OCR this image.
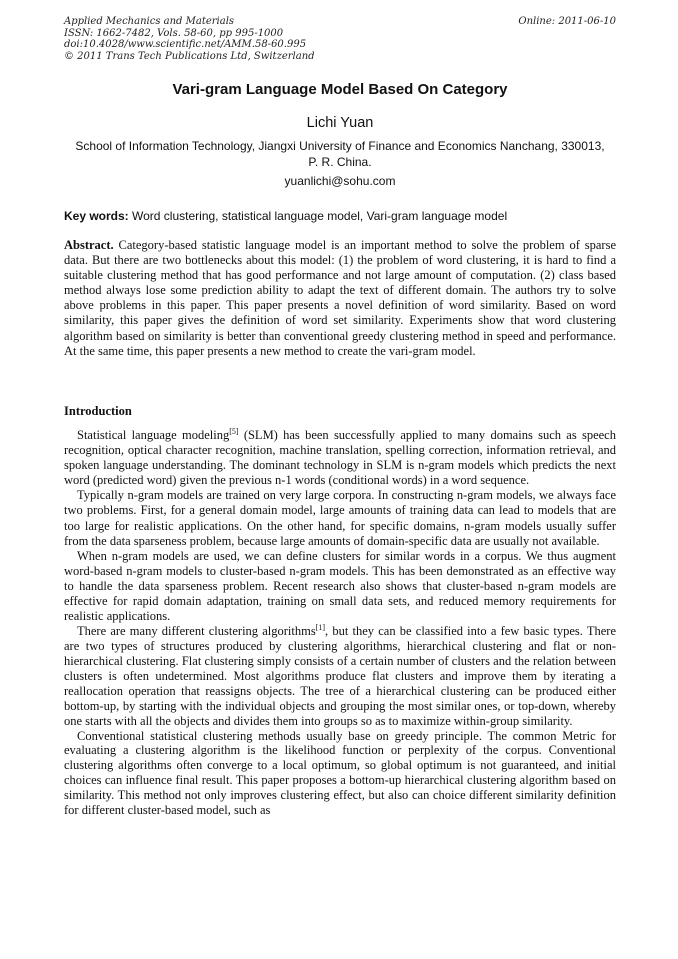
Applied Mechanics and Materials
ISSN: 1662-7482, Vols. 58-60, pp 995-1000
doi:10.4028/www.scientific.net/AMM.58-60.995
© 2011 Trans Tech Publications Ltd, Switzerland
Online: 2011-06-10
Vari-gram Language Model Based On Category
Lichi Yuan
School of Information Technology, Jiangxi University of Finance and Economics Nanchang, 330013, P. R. China.
yuanlichi@sohu.com
Key words: Word clustering, statistical language model, Vari-gram language model
Abstract. Category-based statistic language model is an important method to solve the problem of sparse data. But there are two bottlenecks about this model: (1) the problem of word clustering, it is hard to find a suitable clustering method that has good performance and not large amount of computation. (2) class based method always lose some prediction ability to adapt the text of different domain. The authors try to solve above problems in this paper. This paper presents a novel definition of word similarity. Based on word similarity, this paper gives the definition of word set similarity. Experiments show that word clustering algorithm based on similarity is better than conventional greedy clustering method in speed and performance. At the same time, this paper presents a new method to create the vari-gram model.
Introduction

Statistical language modeling[5] (SLM) has been successfully applied to many domains such as speech recognition, optical character recognition, machine translation, spelling correction, information retrieval, and spoken language understanding. The dominant technology in SLM is n-gram models which predicts the next word (predicted word) given the previous n-1 words (conditional words) in a word sequence.

Typically n-gram models are trained on very large corpora. In constructing n-gram models, we always face two problems. First, for a general domain model, large amounts of training data can lead to models that are too large for realistic applications. On the other hand, for specific domains, n-gram models usually suffer from the data sparseness problem, because large amounts of domain-specific data are usually not available.

When n-gram models are used, we can define clusters for similar words in a corpus. We thus augment word-based n-gram models to cluster-based n-gram models. This has been demonstrated as an effective way to handle the data sparseness problem. Recent research also shows that cluster-based n-gram models are effective for rapid domain adaptation, training on small data sets, and reduced memory requirements for realistic applications.

There are many different clustering algorithms[1], but they can be classified into a few basic types. There are two types of structures produced by clustering algorithms, hierarchical clustering and flat or non- hierarchical clustering. Flat clustering simply consists of a certain number of clusters and the relation between clusters is often undetermined. Most algorithms produce flat clusters and improve them by iterating a reallocation operation that reassigns objects. The tree of a hierarchical clustering can be produced either bottom-up, by starting with the individual objects and grouping the most similar ones, or top-down, whereby one starts with all the objects and divides them into groups so as to maximize within-group similarity.

Conventional statistical clustering methods usually base on greedy principle. The common Metric for evaluating a clustering algorithm is the likelihood function or perplexity of the corpus. Conventional clustering algorithms often converge to a local optimum, so global optimum is not guaranteed, and initial choices can influence final result. This paper proposes a bottom-up hierarchical clustering algorithm based on similarity. This method not only improves clustering effect, but also can choice different similarity definition for different cluster-based model, such as
